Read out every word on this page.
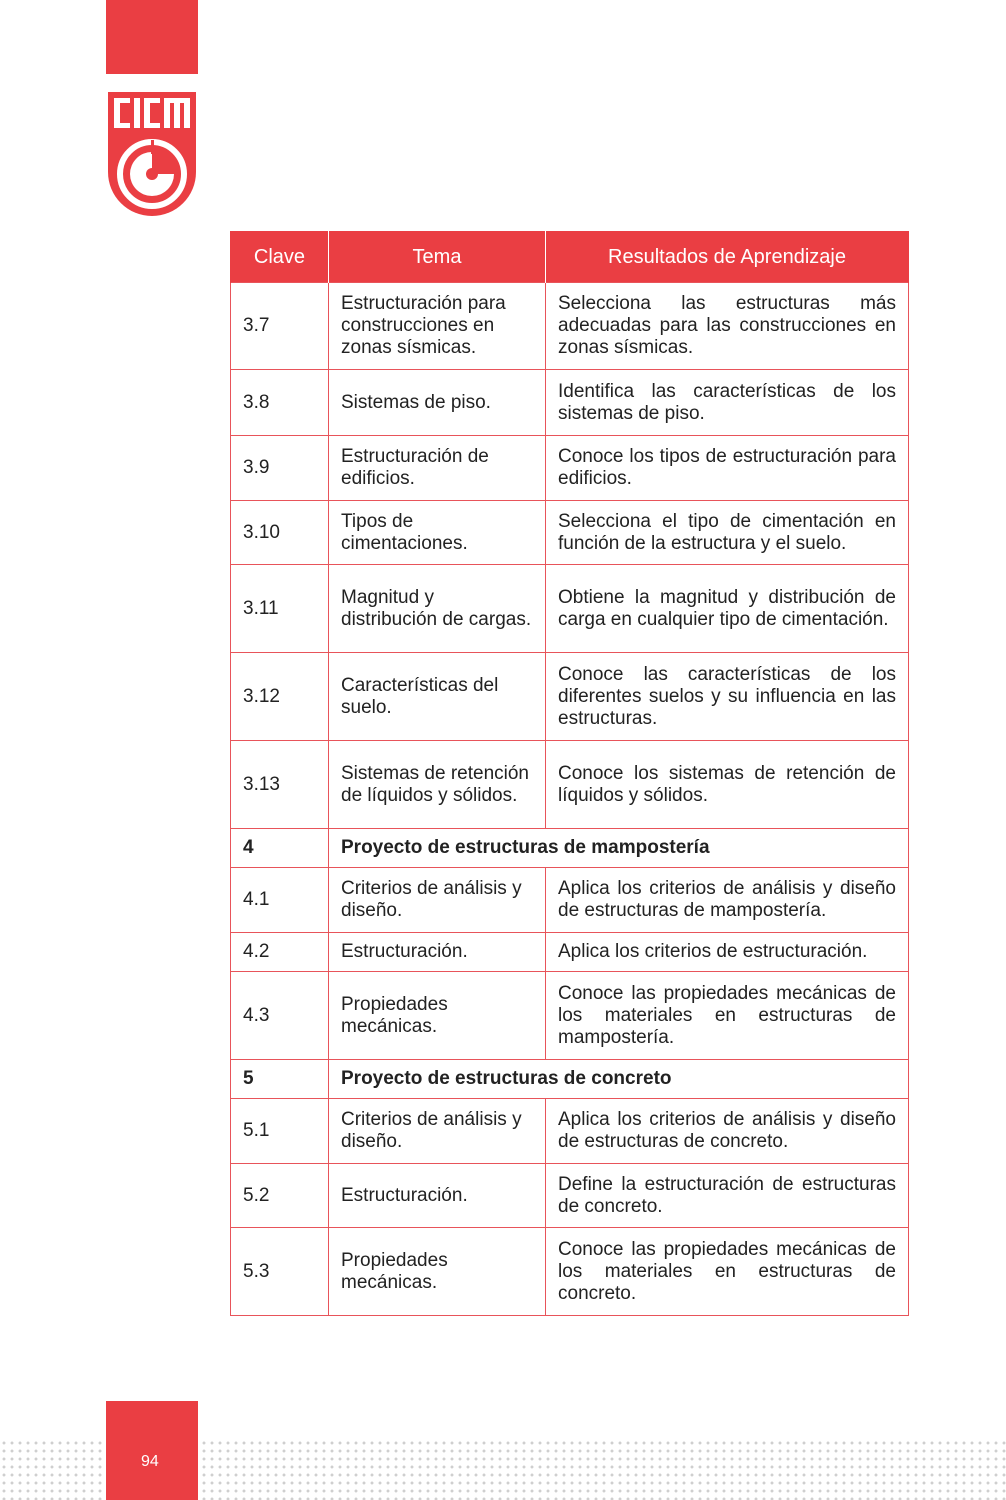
Clave	Tema	Resultados de Aprendizaje
3.7	Estructuración para construcciones en zonas sísmicas.	Selecciona las estructuras más adecuadas para las construcciones en zonas sísmicas.
3.8	Sistemas de piso.	Identifica las características de los sistemas de piso.
3.9	Estructuración de edificios.	Conoce los tipos de estructuración para edificios.
3.10	Tipos de cimentaciones.	Selecciona el tipo de cimentación en función de la estructura y el suelo.
3.11	Magnitud y distribución de cargas.	Obtiene la magnitud y distribución de carga en cualquier tipo de cimentación.
3.12	Características del suelo.	Conoce las características de los diferentes suelos y su influencia en las estructuras.
3.13	Sistemas de retención de líquidos y sólidos.	Conoce los sistemas de retención de líquidos y sólidos.
4	Proyecto de estructuras de mampostería	
4.1	Criterios de análisis y diseño.	Aplica los criterios de análisis y diseño de estructuras de mampostería.
4.2	Estructuración.	Aplica los criterios de estructuración.
4.3	Propiedades mecánicas.	Conoce las propiedades mecánicas de los materiales en estructuras de mampostería.
5	Proyecto de estructuras de concreto	
5.1	Criterios de análisis y diseño.	Aplica los criterios de análisis y diseño de estructuras de concreto.
5.2	Estructuración.	Define la estructuración de estructuras de concreto.
5.3	Propiedades mecánicas.	Conoce las propiedades mecánicas de los materiales en estructuras de concreto.
94
